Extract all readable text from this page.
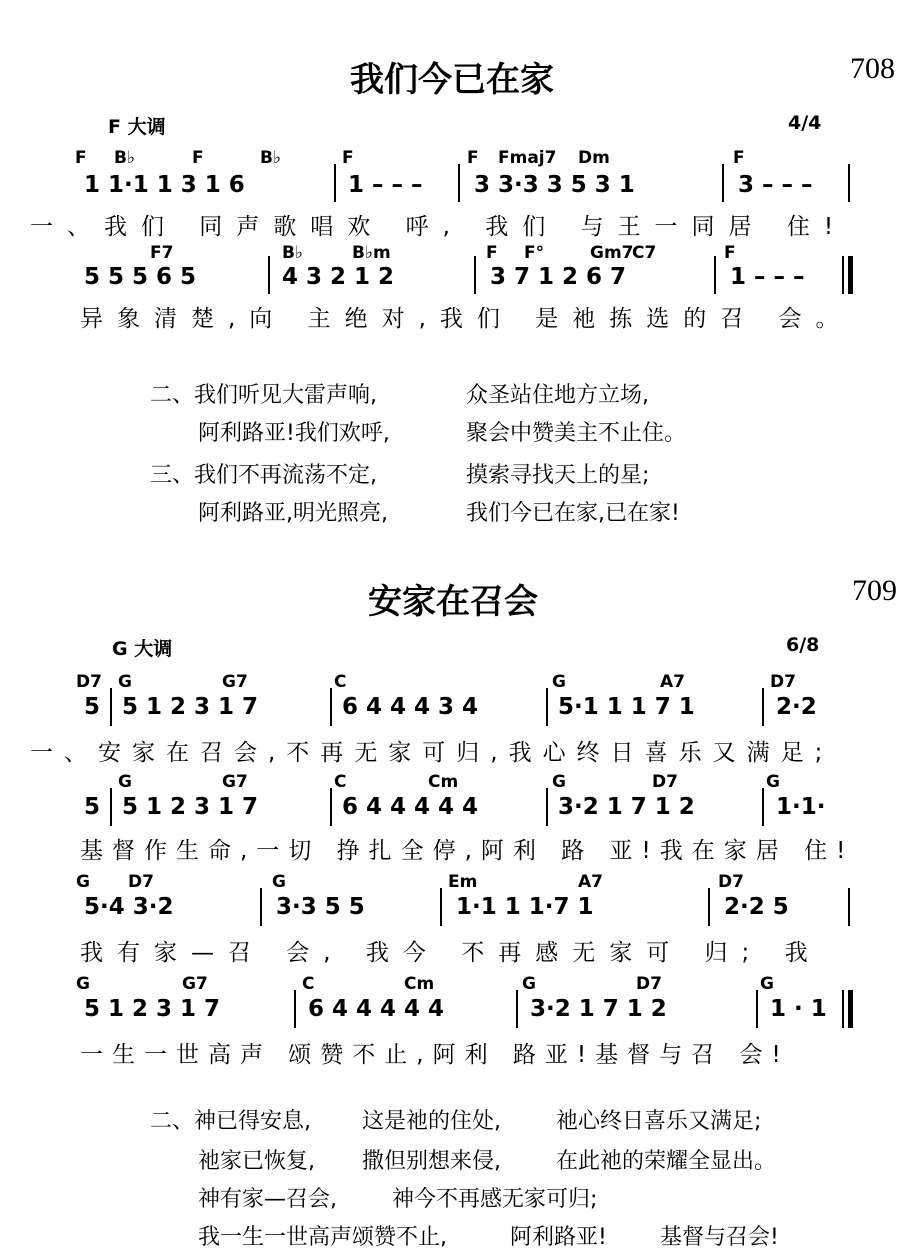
我们今已在家	708
F 大调	4/4
F B♭	F	B♭	F	F Fmaj7 Dm	F
1 1·1 1 3 1 6	1 – – – 3 3·3 3 5 3 1	3 – – –
一、我们 同声歌唱欢 呼, 我们 与王一同居 住!
F7	B♭	B♭m	F F°	Gm7
C7	F
5 5 5 6 5	4 3 2 1 2	3 7 1 2 6 7	1 – – –
异象清楚,向 主绝对,我们 是祂拣选的召 会。
二、我们听见大雷声响,	众圣站住地方立场,
阿利路亚!我们欢呼,	聚会中赞美主不止住。
三、我们不再流荡不定,	摸索寻找天上的星;
阿利路亚,明光照亮,	我们今已在家,已在家!
安家在召会	709
G 大调	6/8
D7 G	G7	C	G	A7	D7
5 5 1 2 3 1 7	6 4 4 4 3 4	5·1 1 1 7 1	2·2
一、安家在召会,不再无家可归,我心终日喜乐又满足;
G	G7	C	Cm	G	D7	G
5 5 1 2 3 1 7	6 4 4 4 4 4	3·2 1 7 1 2	1·1·
基督作生命,一切 挣扎全停,阿利 路 亚!我在家居 住!
G D7	G	Em	A7	D7
5·4 3·2	3·3 5 5	1·1 1 1·7 1	2·2 5
我有家—召 会, 我今 不再感无家可 归; 我
G	G7	C	Cm	G	D7	G
5 1 2 3 1 7	6 4 4 4 4 4	3·2 1 7 1 2	1 · 1
一生一世高声 颂赞不止,阿利 路亚!基督与召 会!
二、神已得安息, 这是祂的住处,	祂心终日喜乐又满足;
祂家已恢复, 撒但别想来侵,	在此祂的荣耀全显出。
神有家—召会,	神今不再感无家可归;
我一生一世高声颂赞不止,	阿利路亚! 基督与召会!
